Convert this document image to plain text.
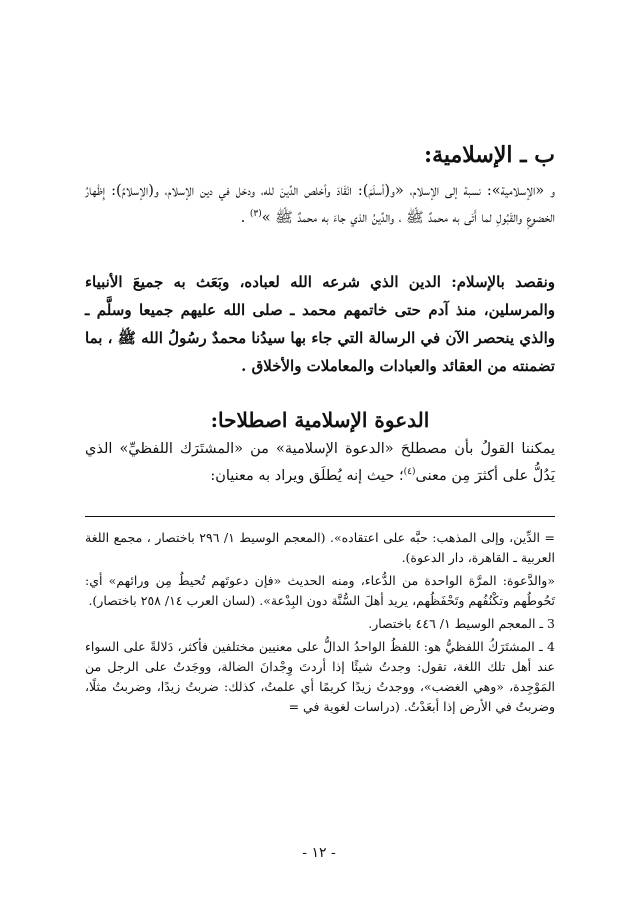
ب ـ الإسلامية:
و «الإسلامية»: نسبة إلى الإسلام، «و(أسلَمَ): انْقَادَ وأخلص الدِّينَ لله، ودخل في دين الإسلام، و(الإسلامُ): إِظْهارُ الخضوعِ والقَبُولِ لما أَتَى به محمدٌ ﷺ ، والدِّينُ الذي جاءَ به محمدٌ ﷺ »$^{(٣)}$ .
ونقصد بالإسلام: الدين الذي شرعه الله لعباده، وبَعَث به جميعَ الأنبياء والمرسلين، منذ آدم حتى خاتمهم محمد ـ صلى الله عليهم جميعا وسلَّم ـ والذي ينحصر الآن في الرسالة التي جاء بها سيدُنا محمدٌ رسُولُ الله ﷺ ، بما تضمنته من العقائد والعبادات والمعاملات والأخلاق .
الدعوة الإسلامية اصطلاحا:
يمكننا القولُ بأن مصطلحَ «الدعوة الإسلامية» من «المشتَرَك اللفظيِّ» الذي يَدُلُّ على أكثرَ مِن معنى$^{(٤)}$؛ حيث إنه يُطلَق ويراد به معنيان:

= الدِّين، وإلى المذهب: حبَّه على اعتقاده». (المعجم الوسيط ١/ ٢٩٦ باختصار ، مجمع اللغة العربية ـ القاهرة، دار الدعوة).

«والدَّعوة: المرَّة الواحدة من الدُّعاء، ومنه الحديث «فإن دعوتَهم تُحيطُ مِن ورائهم» أي: تَحُوطُهم وتكْنُفُهم وتَحْفَظُهم، يريد أهلَ السُّنَّة دون البِدْعة». (لسان العرب ١٤/ ٢٥٨ باختصار).

3 ـ المعجم الوسيط ١/ ٤٤٦ باختصار.

4 ـ المشتَرَكُ اللفظيُّ هو: اللفظُ الواحدُ الدالُّ على معنيين مختلفين فأكثر، دَلالةً على السواء عند أهل تلك اللغة، تقول: وجدتُ شيئًا إذا أردتَ وِجْدانَ الضالة، ووجَدتُ على الرجل من المَوْجِدة، «وهي الغضب»، ووجدتُ زيدًا كريمًا أي علمتُ، كذلك: ضربتُ زيدًا، وضربتُ مثلًا، وضربتُ في الأرض إذا أبعَدْتُ. (دراسات لغوية في =

- ١٢ -
